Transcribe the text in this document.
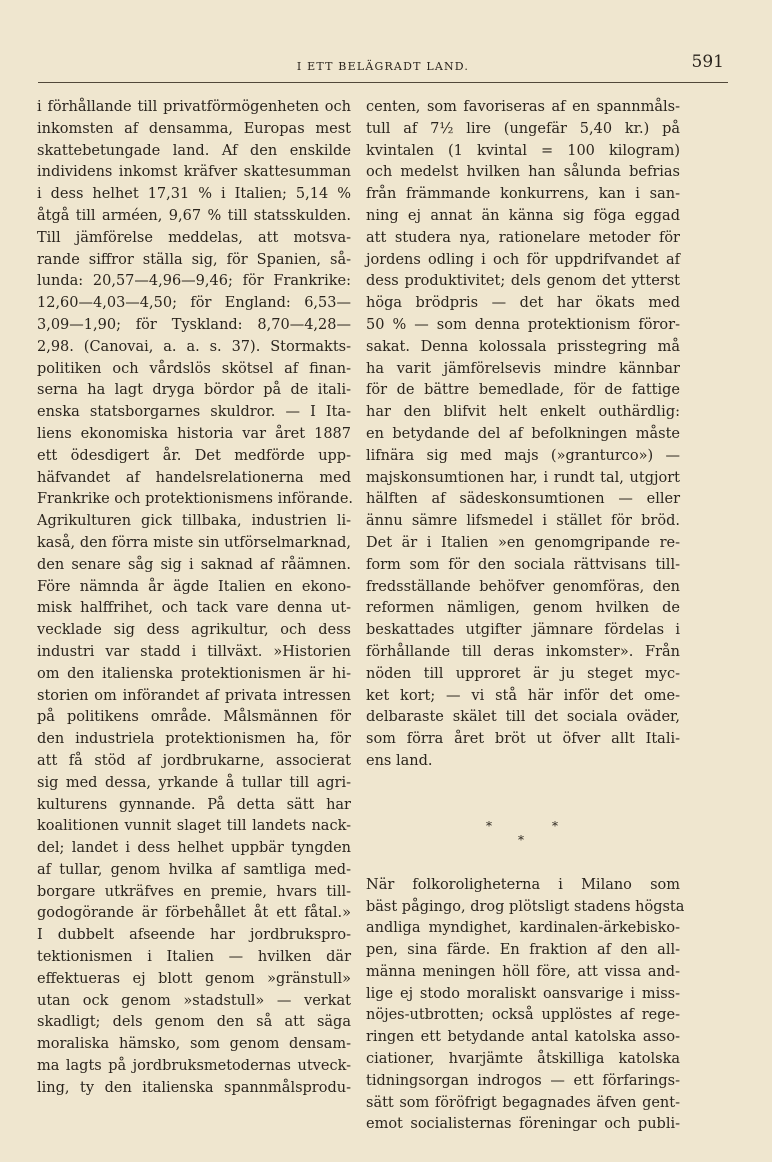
I ETT BELÄGRADT LAND.	591
i förhållande till privatförmögenheten och
inkomsten af densamma, Europas mest
skattebetungade land. Af den enskilde
individens inkomst kräfver skattesumman
i dess helhet 17,31 % i Italien; 5,14 %
åtgå till arméen, 9,67 % till statsskulden.
Till jämförelse meddelas, att motsva-
rande siffror ställa sig, för Spanien, så-
lunda: 20,57—4,96—9,46; för Frankrike:
12,60—4,03—4,50; för England: 6,53—
3,09—1,90; för Tyskland: 8,70—4,28—
2,98. (Canovai, a. a. s. 37). Stormakts-
politiken och vårdslös skötsel af finan-
serna ha lagt dryga bördor på de itali-
enska statsborgarnes skuldror. — I Ita-
liens ekonomiska historia var året 1887
ett ödesdigert år. Det medförde upp-
häfvandet af handelsrelationerna med
Frankrike och protektionismens införande.
Agrikulturen gick tillbaka, industrien li-
kaså, den förra miste sin utförselmarknad,
den senare såg sig i saknad af råämnen.
Före nämnda år ägde Italien en ekono-
misk halffrihet, och tack vare denna ut-
vecklade sig dess agrikultur, och dess
industri var stadd i tillväxt. »Historien
om den italienska protektionismen är hi-
storien om införandet af privata intressen
på politikens område. Målsmännen för
den industriela protektionismen ha, för
att få stöd af jordbrukarne, associerat
sig med dessa, yrkande å tullar till agri-
kulturens gynnande. På detta sätt har
koalitionen vunnit slaget till landets nack-
del; landet i dess helhet uppbär tyngden
af tullar, genom hvilka af samtliga med-
borgare utkräfves en premie, hvars till-
godogörande är förbehållet åt ett fåtal.»
I dubbelt afseende har jordbrukspro-
tektionismen i Italien — hvilken där
effektueras ej blott genom »gränstull»
utan ock genom »stadstull» — verkat
skadligt; dels genom den så att säga
moraliska hämsko, som genom densam-
ma lagts på jordbruksmetodernas utveck-
ling, ty den italienska spannmålsprodu-
centen, som favoriseras af en spannmåls-
tull af 7½ lire (ungefär 5,40 kr.) på
kvintalen (1 kvintal = 100 kilogram)
och medelst hvilken han sålunda befrias
från främmande konkurrens, kan i san-
ning ej annat än känna sig föga eggad
att studera nya, rationelare metoder för
jordens odling i och för uppdrifvandet af
dess produktivitet; dels genom det ytterst
höga brödpris — det har ökats med
50 % — som denna protektionism föror-
sakat. Denna kolossala prisstegring må
ha varit jämförelsevis mindre kännbar
för de bättre bemedlade, för de fattige
har den blifvit helt enkelt outhärdlig:
en betydande del af befolkningen måste
lifnära sig med majs (»granturco») —
majskonsumtionen har, i rundt tal, utgjort
hälften af sädeskonsumtionen — eller
ännu sämre lifsmedel i stället för bröd.
Det är i Italien »en genomgripande re-
form som för den sociala rättvisans till-
fredsställande behöfver genomföras, den
reformen nämligen, genom hvilken de
beskattades utgifter jämnare fördelas i
förhållande till deras inkomster». Från
nöden till upproret är ju steget myc-
ket kort; — vi stå här inför det ome-
delbaraste skälet till det sociala oväder,
som förra året bröt ut öfver allt Itali-
ens land.
*
*
*
När folkoroligheterna i Milano som
bäst pågingo, drog plötsligt stadens högsta
andliga myndighet, kardinalen-ärkebisko-
pen, sina färde. En fraktion af den all-
männa meningen höll före, att vissa and-
lige ej stodo moraliskt oansvarige i miss-
nöjes-utbrotten; också upplöstes af rege-
ringen ett betydande antal katolska asso-
ciationer, hvarjämte åtskilliga katolska
tidningsorgan indrogos — ett förfarings-
sätt som föröfrigt begagnades äfven gent-
emot socialisternas föreningar och publi-
